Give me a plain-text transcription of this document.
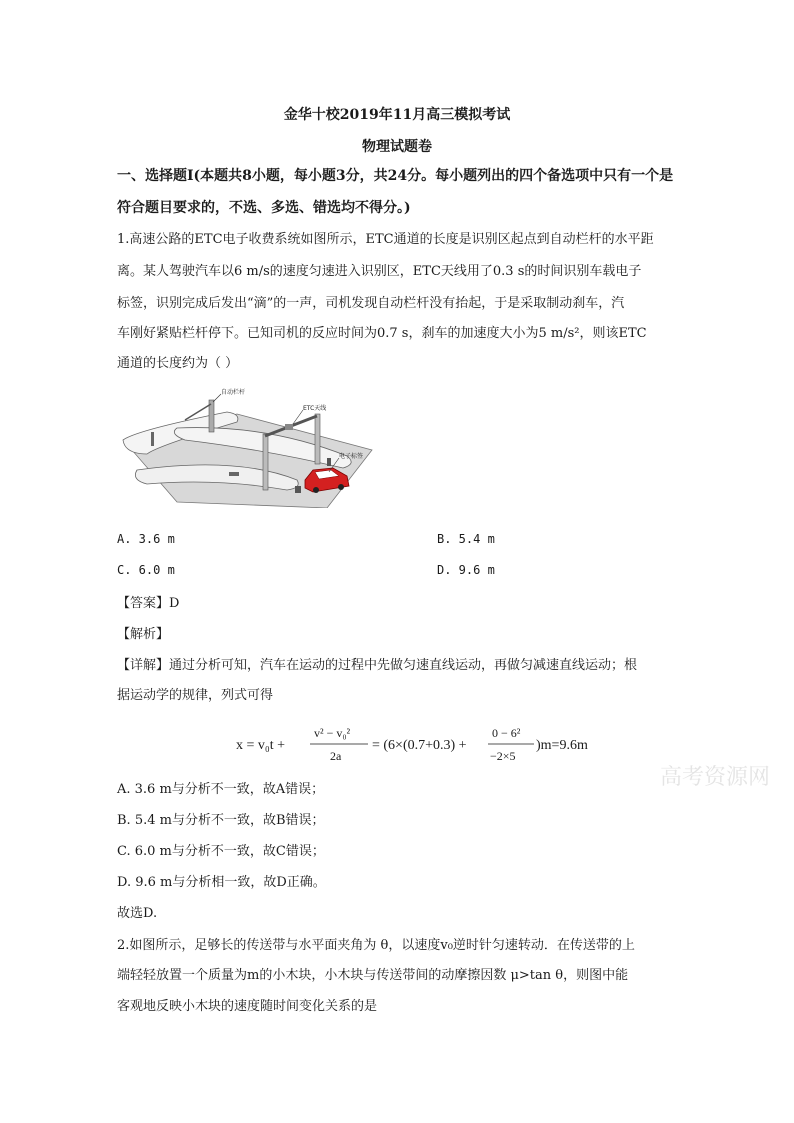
金华十校2019年11月高三模拟考试
物理试题卷
一、选择题Ⅰ(本题共8小题，每小题3分，共24分。每小题列出的四个备选项中只有一个是
符合题目要求的，不选、多选、错选均不得分。)
1.高速公路的ETC电子收费系统如图所示，ETC通道的长度是识别区起点到自动栏杆的水平距
离。某人驾驶汽车以6 m/s的速度匀速进入识别区，ETC天线用了0.3 s的时间识别车载电子
标签，识别完成后发出“滴”的一声，司机发现自动栏杆没有抬起，于是采取制动刹车，汽
车刚好紧贴栏杆停下。已知司机的反应时间为0.7 s，刹车的加速度大小为5 m/s²，则该ETC
通道的长度约为（ ）
自动栏杆
ETC天线
电子标签
A. 3.6 m	B. 5.4 m
C. 6.0 m	D. 9.6 m
【答案】D
【解析】
【详解】通过分析可知，汽车在运动的过程中先做匀速直线运动，再做匀减速直线运动；根
据运动学的规律，列式可得
x = v₀t +
v² − v₀²
2a
= (6×(0.7+0.3) +
0 − 6²
−2×5
)m=9.6m
高考资源网
A. 3.6 m与分析不一致，故A错误；
B. 5.4 m与分析不一致，故B错误；
C. 6.0 m与分析不一致，故C错误；
D. 9.6 m与分析相一致，故D正确。
故选D.
2.如图所示，足够长的传送带与水平面夹角为 θ，以速度v₀逆时针匀速转动．在传送带的上
端轻轻放置一个质量为m的小木块，小木块与传送带间的动摩擦因数 μ>tan θ，则图中能
客观地反映小木块的速度随时间变化关系的是
